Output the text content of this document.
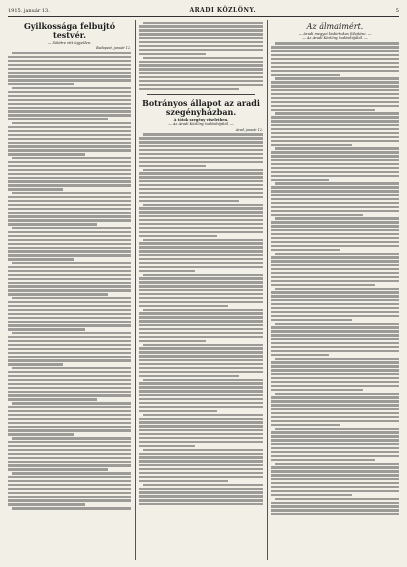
1915. január 13.	ARADI KÖZLÖNY.	5
Gyilkossága felbujtó testvér.

— Sötétre vitt ügyetlen.

Budapest, január 12.

Botrányos állapot az aradi szegényházban.

A tótok szegény viseletben.

— Az Aradi Közlöny tudósítójától. —

Arad, január 12.

Az álmaimért.

— Aradi megyei kisbirtokos fölejtése. —

— Az Aradi Közlöny tudósítójától. —
